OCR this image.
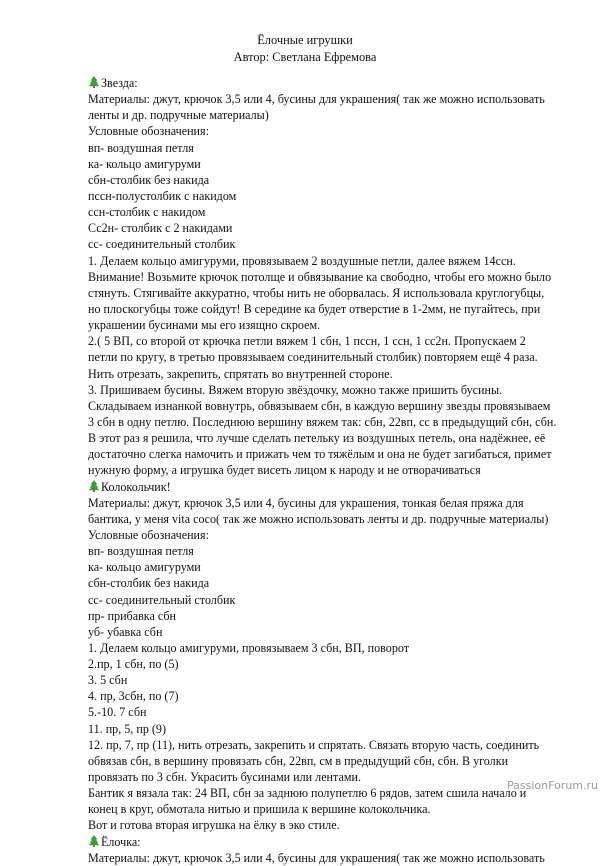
Ёлочные игрушки
Автор: Светлана Ефремова
Звезда:
Материалы: джут, крючок 3,5 или 4, бусины для украшения( так же можно использовать
ленты и др. подручные материалы)
Условные обозначения:
вп- воздушная петля
ка- кольцо амигуруми
сбн-столбик без накида
пссн-полустолбик с накидом
ссн-столбик с накидом
Сс2н- столбик с 2 накидами
сс- соединительный столбик
1. Делаем кольцо амигуруми, провязываем 2 воздушные петли, далее вяжем 14ссн.
Внимание! Возьмите крючок потолще и обвязывание ка свободно, чтобы его можно было
стянуть. Стягивайте аккуратно, чтобы нить не оборвалась. Я использовала круглогубцы,
но плоскогубцы тоже сойдут! В середине ка будет отверстие в 1-2мм, не пугайтесь, при
украшении бусинами мы его изящно скроем.
2.( 5 ВП, со второй от крючка петли вяжем 1 сбн, 1 пссн, 1 ссн, 1 сс2н. Пропускаем 2
петли по кругу, в третью провязываем соединительный столбик) повторяем ещё 4 раза.
Нить отрезать, закрепить, спрятать во внутренней стороне.
3. Пришиваем бусины. Вяжем вторую звёздочку, можно также пришить бусины.
Складываем изнанкой вовнутрь, обвязываем сбн, в каждую вершину звезды провязываем
3 сбн в одну петлю. Последнюю вершину вяжем так: сбн, 22вп, сс в предыдущий сбн, сбн.
В этот раз я решила, что лучше сделать петельку из воздушных петель, она надёжнее, её
достаточно слегка намочить и прижать чем то тяжёлым и она не будет загибаться, примет
нужную форму, а игрушка будет висеть лицом к народу и не отворачиваться
Колокольчик!
Материалы: джут, крючок 3,5 или 4, бусины для украшения, тонкая белая пряжа для
бантика, у меня vita coco( так же можно использовать ленты и др. подручные материалы)
Условные обозначения:
вп- воздушная петля
ка- кольцо амигуруми
сбн-столбик без накида
сс- соединительный столбик
пр- прибавка сбн
уб- убавка сбн
1. Делаем кольцо амигуруми, провязываем 3 сбн, ВП, поворот
2.пр, 1 сбн, по (5)
3. 5 сбн
4. пр, 3сбн, по (7)
5.-10. 7 сбн
11. пр, 5, пр (9)
12. пр, 7, пр (11), нить отрезать, закрепить и спрятать. Связать вторую часть, соединить
обвязав сбн, в вершину провязать сбн, 22вп, см в предыдущий сбн, сбн. В уголки
провязать по 3 сбн. Украсить бусинами или лентами.
Бантик я вязала так: 24 ВП, сбн за заднюю полупетлю 6 рядов, затем сшила начало и
конец в круг, обмотала нитью и пришила к вершине колокольчика.
Вот и готова вторая игрушка на ёлку в эко стиле.
Ёлочка:
Материалы: джут, крючок 3,5 или 4, бусины для украшения( так же можно использовать
PassionForum.ru
